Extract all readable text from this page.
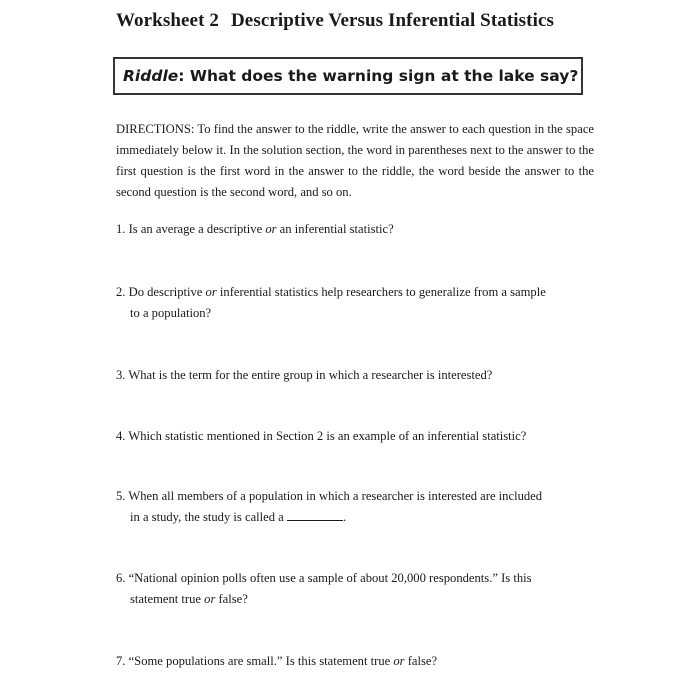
Worksheet 2 Descriptive Versus Inferential Statistics
Riddle :
What does the warning sign at the lake say?
DIRECTIONS: To find the answer to the riddle, write the answer to each question in the space immediately below it. In the solution section, the word in parentheses next to the answer to the first question is the first word in the answer to the riddle, the word beside the answer to the second question is the second word, and so on.
1. Is an average a descriptive or an inferential statistic?
2. Do descriptive or inferential statistics help researchers to generalize from a sample
to a population?
3. What is the term for the entire group in which a researcher is interested?
4. Which statistic mentioned in Section 2 is an example of an inferential statistic?
5. When all members of a population in which a researcher is interested are included
in a study, the study is called a	.
6. “National opinion polls often use a sample of about 20,000 respondents.” Is this
statement true or false?
7. “Some populations are small.” Is this statement true or false?
